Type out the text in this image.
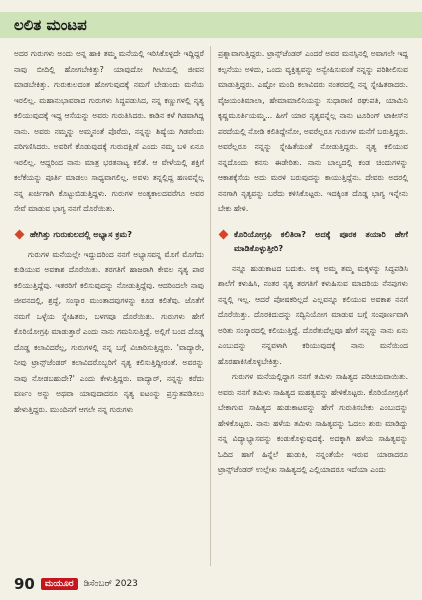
ಲಲಿತ ಮಂಟಪ

ಅದರ ಗುರುಗಳು ಅಂದು ಅನ್ನ ಹಾಕಿ ತಮ್ಮ ಮನೆಯಲ್ಲಿ ಇರಿಸಿಕೊಳ್ಳದೇ ಇದ್ದಿದ್ದರೆ ನಾವು ಬೀದಿಲ್ಲಿ ಹೋಗಬೇಕಿತ್ತು? ಯಾವುದೋ ಗೀಟಿಯಲ್ಲಿ ಜೀವನ ಮಾಡಬೇಕಿತ್ತು. ಗುರುಕುಲದಂತ ಹೋಗುವುದಕ್ಕೆ ನಮಗೆ ಬೇಡುಂದು ಮನೆಯ ಇರಲಿಲ್ಲ. ಮಹಾನುಭಾವರಾದ ಗುರುಗಳು ಸಿದ್ಧಪಡುಸಿದ, ನನ್ನ ಕಣ್ಣುಗಳಲ್ಲಿ ನೃತ್ಯ ಕಲಿಯುವುದಕ್ಕೆ ಇದ್ದ ಆಸೆಯನ್ನು ಅವರು ಗುರುತಿಸಿದರು. ಕಾಡಿನ ಕಳೆ ಗಿಡವಾಗಿದ್ದ ನಾನು. ಅವರು ನಮ್ಮನ್ನು ಅಮ್ಮನಂತೆ ಪೊರೆದು, ನನ್ನನ್ನು ಶಿಷ್ಯೆಯ ಗಿಡವೆಂದು ಪರಿಗಣಿಸಿದರು. ಅವರಿಗೆ ಕೊಡುವುದಕ್ಕೆ ಗುರುದಕ್ಷಿಣೆ ಎಂದು ನಮ್ಮ ಬಳಿ ಏನೂ ಇರಲಿಲ್ಲ. ಆದ್ದರಿಂದ ನಾನು ಮಾತ್ರ ಭರತನಾಟ್ಯ ಕಲಿತೆ. ಆ ವೇಳೆಯಲ್ಲಿ ಶಕ್ತಿಗೆ ಕಲೆಕೆಯನ್ನು ಪೂರ್ತಿ ಮಾಡಲು ಸಾಧ್ಯವಾಗಲಿಲ್ಲ. ಅವಳು ತನ್ನಲ್ಲಿದ್ದ ಹಣವನ್ನೆಲ್ಲ ನನ್ನ ಖರ್ಚಿಗಾಗಿ ಕೊಟ್ಟುಬಿಡುತ್ತಿದ್ದಳು. ಗುರುಗಳ ಅಂತ್ಯಕಾಲದವರೆಗೂ ಅವರ ಸೇವೆ ಮಾಡುವ ಭಾಗ್ಯ ನನಗೆ ದೊರೆಯಿತು.

ಹೇಗಿತ್ತು ಗುರುಕುಲದಲ್ಲಿ ಅಭ್ಯಾಸ ಕ್ರಮ?

ಗುರುಗಳ ಮನೆಯಲ್ಲೇ ಇದ್ದುದರಿಂದ ನನಗೆ ಅಭ್ಯಾಸವನ್ನ ಮೊಗೆ ಮೊಗೆದು ಕುಡಿಯುವ ಅವಕಾಶ ದೊರೆಯಿತು. ತರಗತಿಗೆ ಹಾಜರಾಗಿ ಕೇವಲ ನೃತ್ಯ ಪಾಠ ಕಲಿಯುತ್ತಿದ್ದೆವು. ಇತರರಿಗೆ ಕಲಿಸುವುದನ್ನು ನೋಡುತ್ತಿದ್ದೆವು. ಆದರಿಂದಲೇ ನಾವು ಜೀವನದಲ್ಲಿ, ಶ್ರದ್ಧೆ, ಸಂಸ್ಕಾರ ಮುಂತಾದವುಗಳನ್ನು ಕೂಡ ಕಲಿತೆವು. ಜೊತೆಗೆ ನಮಗೆ ಒಳ್ಳೆಯ ಸ್ನೇಹಿತರು, ಬಳಗವೂ ದೊರೆಯಿತು. ಗುರುಗಳು ಹೇಗೆ ಕೊರಿಯೋಗ್ರಫಿ ಮಾಡುತ್ತಾರೆ ಎಂದು ನಾನು ಗಮನಿಸುತ್ತಿದ್ದೆ. ಅಲ್ಲಿಗೆ ಬಂದ ದೊಡ್ಡ ದೊಡ್ಡ ಕಲಾವಿದರೆಲ್ಲ, ಗುರುಗಳಲ್ಲಿ ನನ್ನ ಬಗ್ಗೆ ವಿಚಾರಿಸುತ್ತಿದ್ದರು. 'ವಾದ್ಯಾರೇ, ನೀವು ಟ್ರಾನ್ಸ್‌ಜೆಂಡರ್ ಕಲಾವಿದರೊಬ್ಬರಿಗೆ ನೃತ್ಯ ಕಲಿಸುತ್ತಿದ್ದೀರಂತೆ. ಅವರನ್ನು ನಾವು ನೋಡಬಹುದೇ?' ಎಂದು ಕೇಳುತ್ತಿದ್ದರು. ವಾದ್ಯಾರ್, ನನ್ನನ್ನು ಕರೆದು ವರ್ಣಂ ಅನ್ನು ಅಥವಾ ಯಾವುದಾದರೂ ನೃತ್ಯ ಐಟಂನ್ನು ಪ್ರಸ್ತುತಪಡಿಸಲು ಹೇಳುತ್ತಿದ್ದರು. ಮುಂದಿನಗೆ ಆಗಲೇ ನನ್ನ ಗುರುಗಳು

ಪ್ರಶ್ನಾವಾಗುತ್ತಿದ್ದರು. ಟ್ರಾನ್ಸ್‌ಜೆಂಡರ್ ಎಂದರೆ ಅವರ ಮನಸ್ಸಿನಲ್ಲಿ ಅವಾಗಲೇ ಇದ್ದ ಕಲ್ಪನೆಯು ಅಳಿದು, ಒಂದು ವ್ಯಕ್ತಿತ್ವವನ್ನು ಅನ್ವೇಷಿಸುವಂತೆ ನನ್ನನ್ನು ಪರಿಶೀಲಿಸುವ ಮಾಡುತ್ತಿದ್ದರು. ಎಷ್ಟೋ ಮಂದಿ ಕಲಾವಿದರು ನಂತರದಲ್ಲಿ ನನ್ನ ಸ್ನೇಹಿತರಾದರು. ವೈಜಯಂತಿಮಾಲಾ, ಹೇಮಾಮಾಲಿನಿಯನ್ನು ಸುಧಾರಾಣಿ ರಘುಪತಿ, ಯಾಮಿನಿ ಕೃಷ್ಣಮೂರ್ತಿಯಮ್ಮ... ಹೀಗೆ ಯಾರ ನೃತ್ಯವನ್ನೆಲ್ಲ ನಾನು ಟೂರಿಂಗ್ ಟಾಕೀಸ್‌ನ ಪರದೆಯಲ್ಲಿ ನೋಡಿ ಕಲಿತಿದ್ದೇನೋ, ಅವರೆಲ್ಲರೂ ಗುರುಗಳ ಮನೆಗೆ ಬರುತ್ತಿದ್ದರು. ಅವರೆಲ್ಲರೂ ನನ್ನನ್ನು ಸ್ನೇಹಿತೆಯಂತೆ ನೋಡುತ್ತಿದ್ದರು. ನೃತ್ಯ ಕಲಿಯುವ ನನ್ನದೊಂದು ಕನಸು ಈಡೇರಿತು. ನಾನು ಬಾಲ್ಯದಲ್ಲಿ ಕಂಡ ಚಿಂದುಗಳನ್ನು ಆಕಾಶಕ್ಕೆಸೆಯ ಅದು ಮರಳಿ ಬರುವುದನ್ನು ಕಾಯುತ್ತಿದ್ದೆನು. ದೇವರು ಅದರಲ್ಲಿ ನನಗಾಗಿ ನೃತ್ಯವನ್ನು ಬರೆದು ಕಳಿಸಿಕೊಟ್ಟರು. ಇದಕ್ಕಿಂತ ದೊಡ್ಡ ಭಾಗ್ಯ ಇನ್ನೇನು ಬೇಕು ಹೇಳಿ.

ಕೊರಿಯೋಗ್ರಫಿ ಕಲಿತಿರಾ? ಅದಕ್ಕೆ ಪೂರಕ ತಯಾರಿ ಹೇಗೆ ಮಾಡಿಕೊಳ್ಳುತ್ತೀರಿ?

ನನ್ನೂ ಹುಡುಕಾಟದ ಬದುಕು. ಅಕ್ಕ ಅಮ್ಮ ತಮ್ಮ ಮಕ್ಕಳನ್ನು ಸಿದ್ಧಪಡಿಸಿ ಶಾಲೆಗೆ ಕಳುಹಿಸಿ, ನಂತರ ನೃತ್ಯ ತರಗತಿಗೆ ಕಳುಹಿಸುವ ಮಾದರಿಯ ನೆನಪುಗಳು ನನ್ನಲ್ಲಿ ಇಲ್ಲ. ಆದರೆ ಪೋಷಕರಿಲ್ಲದೆ ಎಲ್ಲವನ್ನೂ ಕಲಿಯುವ ಅವಕಾಶ ನನಗೆ ದೊರೆಯಿತ್ತು. ದೊರಕಿದುದನ್ನು ಸದ್ವಿನಿಯೋಗ ಮಾಡುವ ಬಗ್ಗೆ ಸಂಪೂರ್ಣವಾಗಿ ಅರಿತು ಸಂಸ್ಕಾರದಲ್ಲಿ ಕಲಿಯುತ್ತಿದ್ದೆ. ದೊರೆತುದೆಲ್ಲವೂ ಹೇಗೆ ನನ್ನನ್ನು ನಾನು ಏನು ಎಂಬುದನ್ನು ನನ್ನವಳಾಗಿ ಕರಿಯುವುದಕ್ಕೆ ನಾನು ಮನೆಯಿಂದ ಹೊರಹಾಕಿಸಿಕೊಳ್ಳಬೇಕಿತ್ತು.

ಗುರುಗಳ ಮನೆಯಲ್ಲಿದ್ದಾಗ ನನಗೆ ತಮಿಳು ಸಾಹಿತ್ಯದ ಪರಿಚಯವಾಯಿತು. ಅವರು ನನಗೆ ತಮಿಳು ಸಾಹಿತ್ಯದ ಮಹತ್ವವನ್ನು ಹೇಳಿಕೊಟ್ಟರು. ಕೊರಿಯೋಗ್ರಫಿಗೆ ಬೇಕಾಗುವ ಸಾಹಿತ್ಯದ ಹುಡುಕಾಟವನ್ನು ಹೇಗೆ ಗುರುತಿಸಬೇಕು ಎಂಬುದನ್ನು ಹೇಳಿಕೊಟ್ಟರು. ನಾನು ಹಳೆಯ ತಮಿಳು ಸಾಹಿತ್ಯವನ್ನು ಓದಲು ಶುರು ಮಾಡಿದ್ದು ನನ್ನ ವಿದ್ಯಾಭ್ಯಾಸವನ್ನು ಕಂಡುಕೊಳ್ಳುವುದಕ್ಕೆ. ಅದಕ್ಕಾಗಿ ಹಳೆಯ ಸಾಹಿತ್ಯವನ್ನು ಓದಿದ ಹಾಗೆ ಹಿನ್ನೆಲೆ ಹುಡುಕಿ, ನನ್ನಂತೆಯೇ ಇರುವ ಯಾರಾದರೂ ಟ್ರಾನ್ಸ್‌ಜೆಂಡರ್ ಉಲ್ಲೇಖ ಸಾಹಿತ್ಯದಲ್ಲಿ ಎಲ್ಲಿಯಾದರೂ ಇದೆಯಾ ಎಂದು

90	ಮಯೂರ	ಡಿಸೆಂಬರ್ 2023
